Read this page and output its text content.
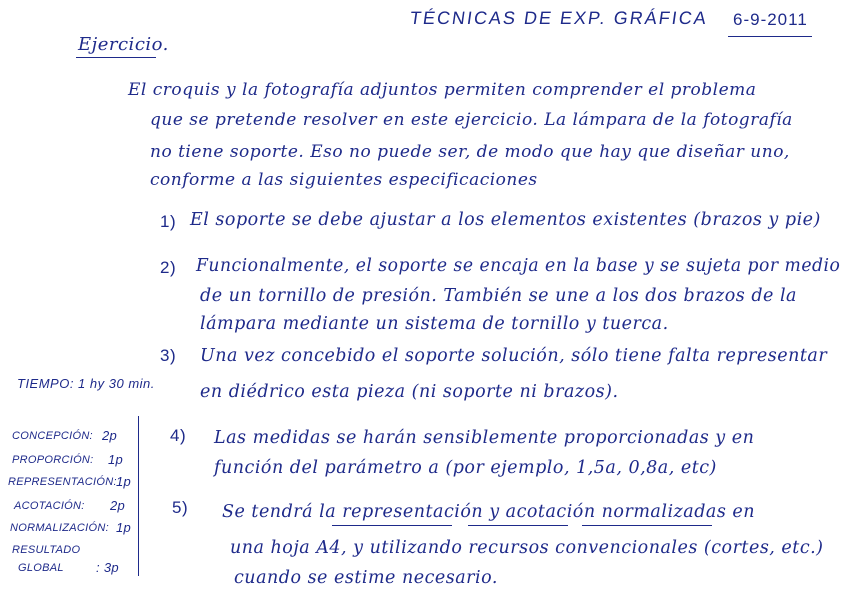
TÉCNICAS DE EXP. GRÁFICA 6-9-2011
Ejercicio.
El croquis y la fotografía adjuntos permiten comprender el problema
que se pretende resolver en este ejercicio. La lámpara de la fotografía
no tiene soporte. Eso no puede ser, de modo que hay que diseñar uno,
conforme a las siguientes especificaciones
1) El soporte se debe ajustar a los elementos existentes (brazos y pie)
2) Funcionalmente, el soporte se encaja en la base y se sujeta por medio
de un tornillo de presión. También se une a los dos brazos de la
lámpara mediante un sistema de tornillo y tuerca.
3) Una vez concebido el soporte solución, sólo tiene falta representar
en diédrico esta pieza (ni soporte ni brazos).
TIEMPO: 1 hy 30 min.
CONCEPCIÓN: 2p
PROPORCIÓN: 1p
REPRESENTACIÓN: 1p
ACOTACIÓN: 2p
NORMALIZACIÓN: 1p
RESULTADO
GLOBAL : 3p
4) Las medidas se harán sensiblemente proporcionadas y en
función del parámetro a (por ejemplo, 1,5a, 0,8a, etc)
5) Se tendrá la representación y acotación normalizadas en
una hoja A4, y utilizando recursos convencionales (cortes, etc.)
cuando se estime necesario.
